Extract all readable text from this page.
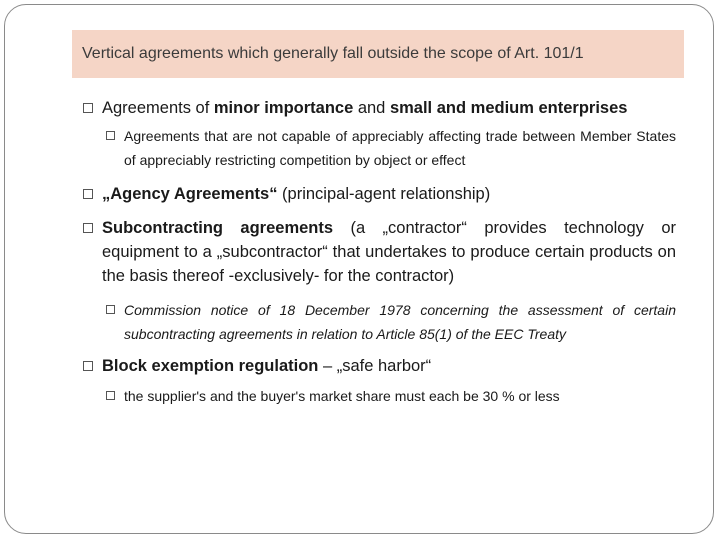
Vertical agreements which generally fall outside the scope of Art. 101/1
Agreements of minor importance and small and medium enterprises
Agreements that are not capable of appreciably affecting trade between Member States of appreciably restricting competition by object or effect
„Agency Agreements“ (principal-agent relationship)
Subcontracting agreements (a „contractor“ provides technology or equipment to a „subcontractor“ that undertakes to produce certain products on the basis thereof -exclusively- for the contractor)
Commission notice of 18 December 1978 concerning the assessment of certain subcontracting agreements in relation to Article 85(1) of the EEC Treaty
Block exemption regulation – „safe harbor“
the supplier's and the buyer's market share must each be 30 % or less
